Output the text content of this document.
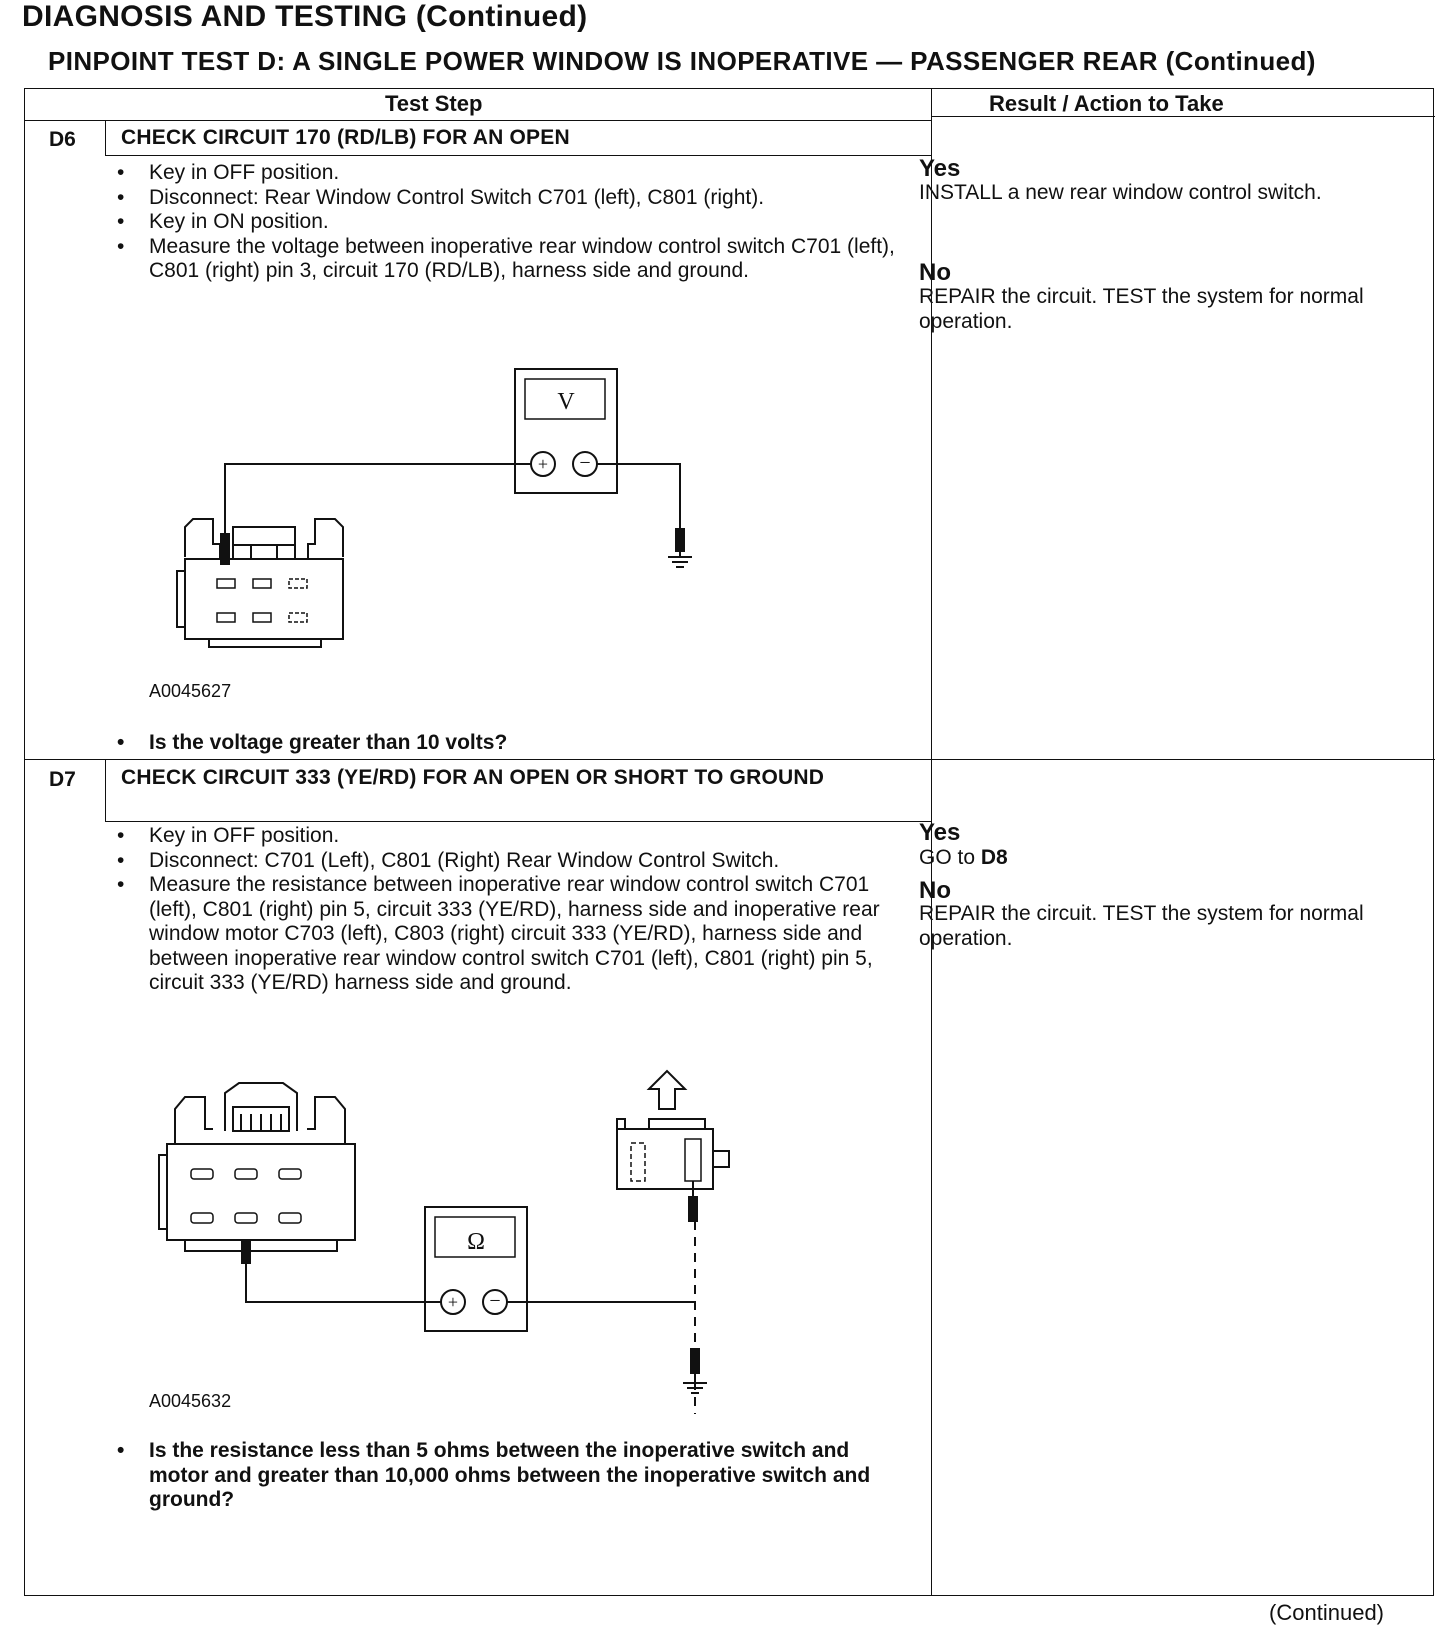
DIAGNOSIS AND TESTING (Continued)
PINPOINT TEST D: A SINGLE POWER WINDOW IS INOPERATIVE — PASSENGER REAR (Continued)
Test Step	Result / Action to Take
D6 CHECK CIRCUIT 170 (RD/LB) FOR AN OPEN
• Key in OFF position.
• Disconnect: Rear Window Control Switch C701 (left), C801 (right).
• Key in ON position.
• Measure the voltage between inoperative rear window control switch C701 (left), C801 (right) pin 3, circuit 170 (RD/LB), harness side and ground.
V
+ −
A0045627
•	Is the voltage greater than 10 volts?
Yes
INSTALL a new rear window control switch.
No
REPAIR the circuit. TEST the system for normal operation.
D7 CHECK CIRCUIT 333 (YE/RD) FOR AN OPEN OR SHORT TO GROUND
• Key in OFF position.
• Disconnect: C701 (Left), C801 (Right) Rear Window Control Switch.
• Measure the resistance between inoperative rear window control switch C701 (left), C801 (right) pin 5, circuit 333 (YE/RD), harness side and inoperative rear window motor C703 (left), C803 (right) circuit 333 (YE/RD), harness side and between inoperative rear window control switch C701 (left), C801 (right) pin 5, circuit 333 (YE/RD) harness side and ground.
Ω
+ −
A0045632
•	Is the resistance less than 5 ohms between the inoperative switch and motor and greater than 10,000 ohms between the inoperative switch and ground?
Yes
GO to D8
No
REPAIR the circuit. TEST the system for normal operation.
(Continued)
